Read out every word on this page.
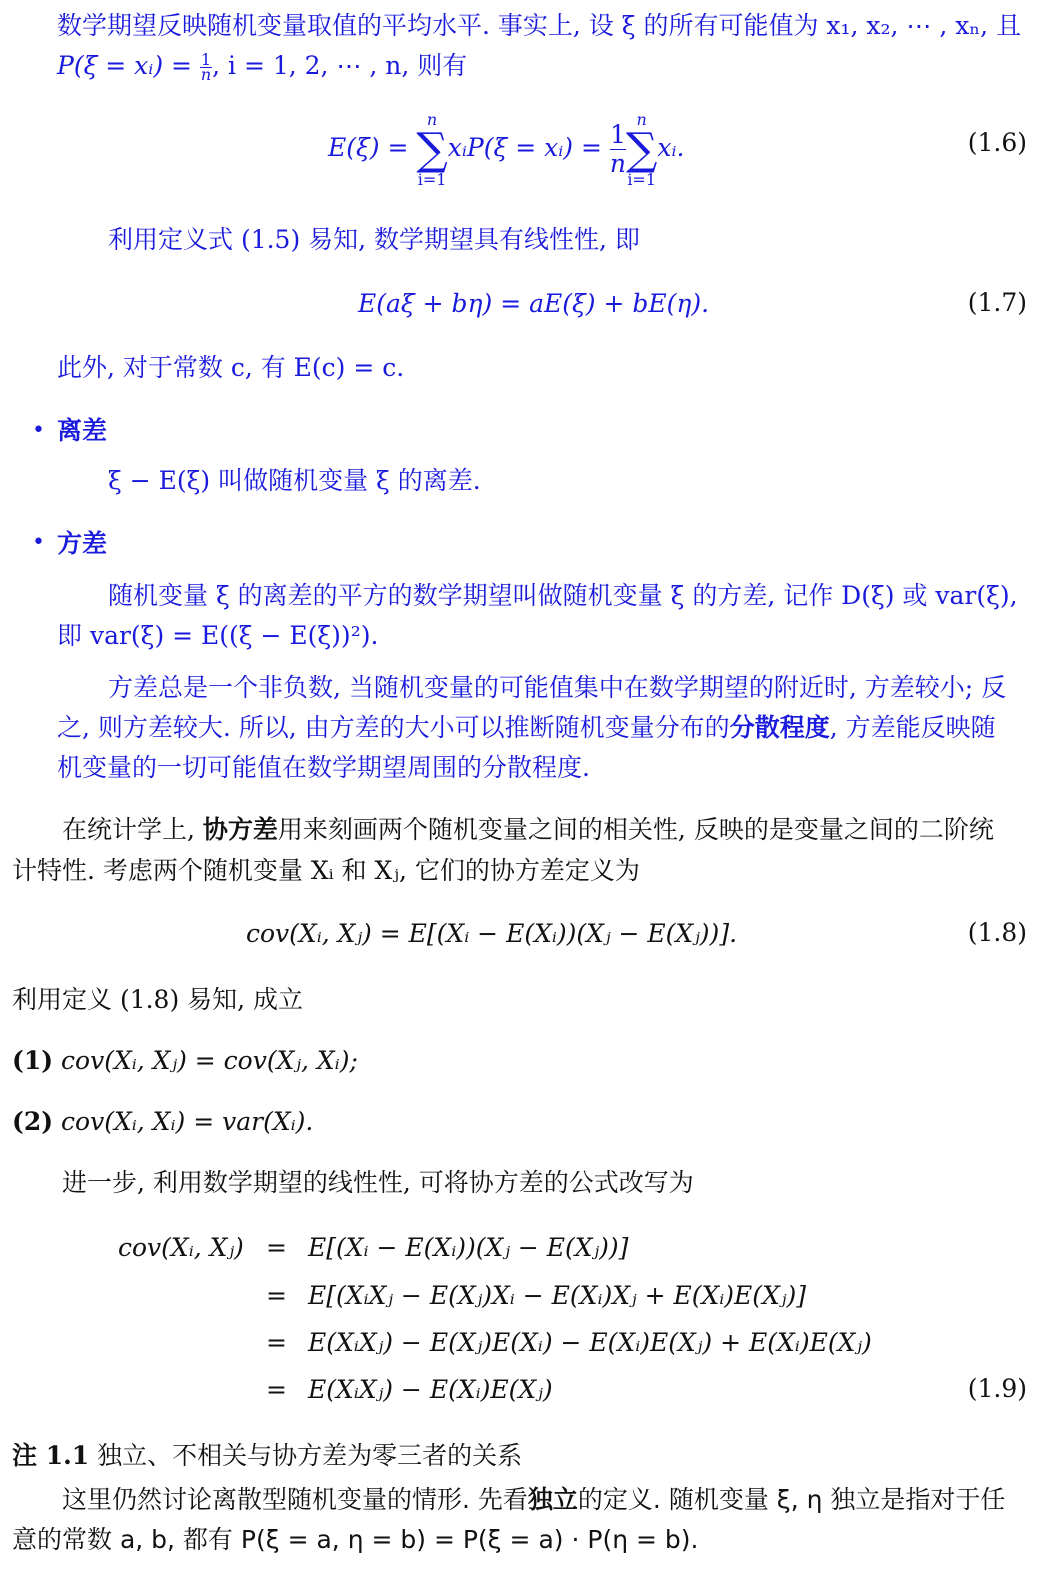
数学期望反映随机变量取值的平均水平. 事实上, 设 ξ 的所有可能值为 x₁, x₂, ⋯ , xₙ, 且
P(ξ = xᵢ) = $\frac{1}{n}$ , i = 1, 2, ⋯ , n, 则有
E(ξ) =
n
∑
i=1
xᵢP(ξ = xᵢ) = $\frac{1}{n}$
n
∑
i=1
xᵢ.	(1.6)
利用定义式 (1.5) 易知, 数学期望具有线性性, 即
E(aξ + bη) = aE(ξ) + bE(η).	(1.7)
此外, 对于常数 c, 有 E(c) = c.
• 离差
ξ − E(ξ) 叫做随机变量 ξ 的离差.
• 方差
随机变量 ξ 的离差的平方的数学期望叫做随机变量 ξ 的方差, 记作 D(ξ) 或 var(ξ),
即 var(ξ) = E((ξ − E(ξ))²).
方差总是一个非负数, 当随机变量的可能值集中在数学期望的附近时, 方差较小; 反
之, 则方差较大. 所以, 由方差的大小可以推断随机变量分布的分散程度, 方差能反映随
机变量的一切可能值在数学期望周围的分散程度.
在统计学上, 协方差用来刻画两个随机变量之间的相关性, 反映的是变量之间的二阶统
计特性. 考虑两个随机变量 Xᵢ 和 Xⱼ, 它们的协方差定义为
cov(Xᵢ, Xⱼ) = E[(Xᵢ − E(Xᵢ))(Xⱼ − E(Xⱼ))].	(1.8)
利用定义 (1.8) 易知, 成立
(1) cov(Xᵢ, Xⱼ) = cov(Xⱼ, Xᵢ);
(2) cov(Xᵢ, Xᵢ) = var(Xᵢ).
进一步, 利用数学期望的线性性, 可将协方差的公式改写为
cov(Xᵢ, Xⱼ) = E[(Xᵢ − E(Xᵢ))(Xⱼ − E(Xⱼ))]
= E[(XᵢXⱼ − E(Xⱼ)Xᵢ − E(Xᵢ)Xⱼ + E(Xᵢ)E(Xⱼ)]
= E(XᵢXⱼ) − E(Xⱼ)E(Xᵢ) − E(Xᵢ)E(Xⱼ) + E(Xᵢ)E(Xⱼ)
= E(XᵢXⱼ) − E(Xᵢ)E(Xⱼ)	(1.9)
注 1.1 独立、不相关与协方差为零三者的关系
这里仍然讨论离散型随机变量的情形. 先看独立的定义. 随机变量 ξ, η 独立是指对于任
意的常数 a, b, 都有 P(ξ = a, η = b) = P(ξ = a) · P(η = b).
